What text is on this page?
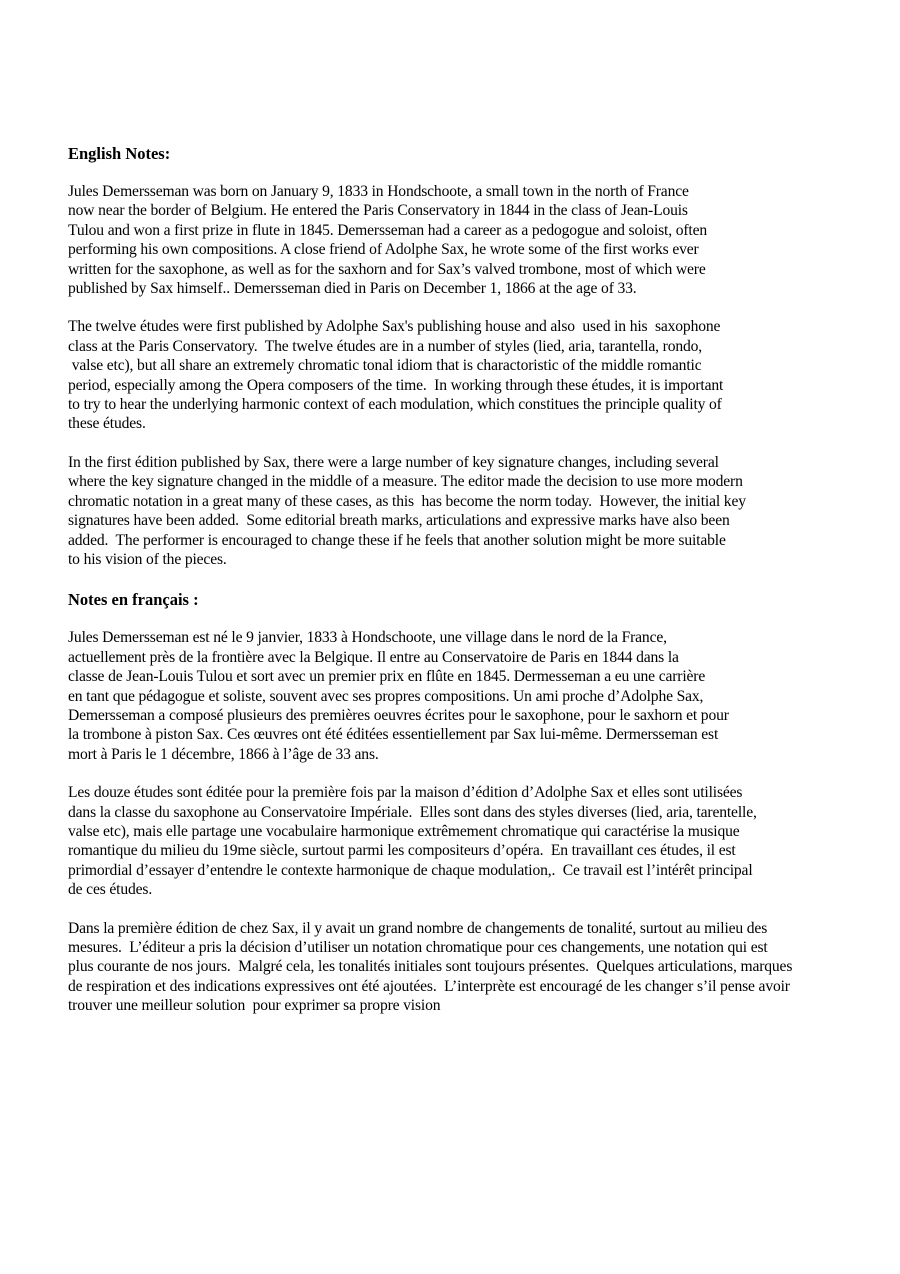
English Notes:
Jules Demersseman was born on January 9, 1833 in Hondschoote, a small town in the north of France
now near the border of Belgium. He entered the Paris Conservatory in 1844 in the class of Jean-Louis
Tulou and won a first prize in flute in 1845. Demersseman had a career as a pedogogue and soloist, often
performing his own compositions. A close friend of Adolphe Sax, he wrote some of the first works ever
written for the saxophone, as well as for the saxhorn and for Sax’s valved trombone, most of which were
published by Sax himself.. Demersseman died in Paris on December 1, 1866 at the age of 33.
The twelve études were first published by Adolphe Sax's publishing house and also  used in his  saxophone
class at the Paris Conservatory.  The twelve études are in a number of styles (lied, aria, tarantella, rondo,
valse etc), but all share an extremely chromatic tonal idiom that is charactoristic of the middle romantic
period, especially among the Opera composers of the time.  In working through these études, it is important
to try to hear the underlying harmonic context of each modulation, which constitues the principle quality of
these études.
In the first édition published by Sax, there were a large number of key signature changes, including several
where the key signature changed in the middle of a measure. The editor made the decision to use more modern
chromatic notation in a great many of these cases, as this  has become the norm today.  However, the initial key
signatures have been added.  Some editorial breath marks, articulations and expressive marks have also been
added.  The performer is encouraged to change these if he feels that another solution might be more suitable
to his vision of the pieces.
Notes en français :
Jules Demersseman est né le 9 janvier, 1833 à Hondschoote, une village dans le nord de la France,
actuellement près de la frontière avec la Belgique. Il entre au Conservatoire de Paris en 1844 dans la
classe de Jean-Louis Tulou et sort avec un premier prix en flûte en 1845. Dermesseman a eu une carrière
en tant que pédagogue et soliste, souvent avec ses propres compositions. Un ami proche d’Adolphe Sax,
Demersseman a composé plusieurs des premières oeuvres écrites pour le saxophone, pour le saxhorn et pour
la trombone à piston Sax. Ces œuvres ont été éditées essentiellement par Sax lui-même. Dermersseman est
mort à Paris le 1 décembre, 1866 à l’âge de 33 ans.
Les douze études sont éditée pour la première fois par la maison d’édition d’Adolphe Sax et elles sont utilisées
dans la classe du saxophone au Conservatoire Impériale.  Elles sont dans des styles diverses (lied, aria, tarentelle,
valse etc), mais elle partage une vocabulaire harmonique extrêmement chromatique qui caractérise la musique
romantique du milieu du 19me siècle, surtout parmi les compositeurs d’opéra.  En travaillant ces études, il est
primordial d’essayer d’entendre le contexte harmonique de chaque modulation,.  Ce travail est l’intérêt principal
de ces études.
Dans la première édition de chez Sax, il y avait un grand nombre de changements de tonalité, surtout au milieu des
mesures.  L’éditeur a pris la décision d’utiliser un notation chromatique pour ces changements, une notation qui est
plus courante de nos jours.  Malgré cela, les tonalités initiales sont toujours présentes.  Quelques articulations, marques
de respiration et des indications expressives ont été ajoutées.  L’interprète est encouragé de les changer s’il pense avoir
trouver une meilleur solution  pour exprimer sa propre vision
